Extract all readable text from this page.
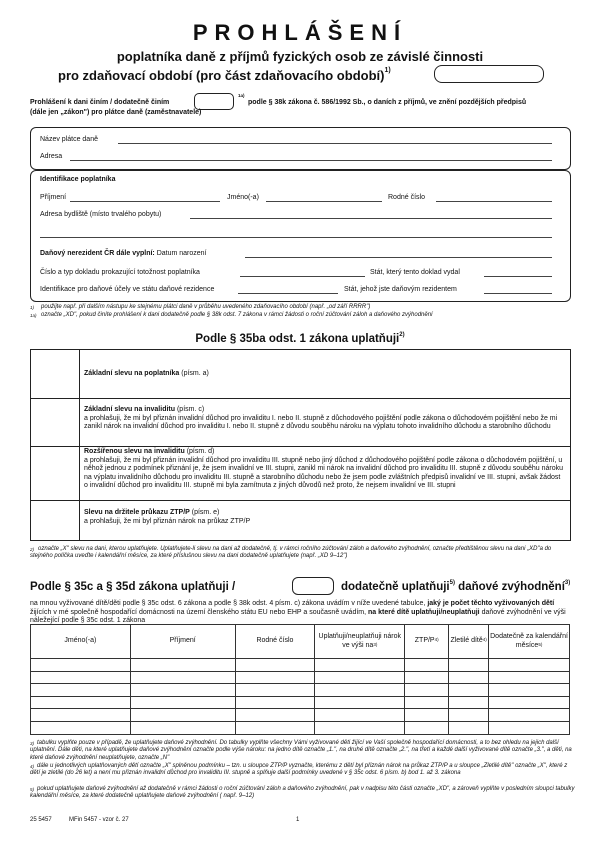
PROHLÁŠENÍ
poplatníka daně z příjmů fyzických osob ze závislé činnosti
pro zdaňovací období (pro část zdaňovacího období)$^{1)}$
Prohlášení k dani činím / dodatečně činím
1a)
podle § 38k zákona č. 586/1992 Sb., o daních z příjmů, ve znění pozdějších předpisů
(dále jen „zákon") pro plátce daně (zaměstnavatele)
Název plátce daně
Adresa
Identifikace poplatníka
Příjmení	Jméno(-a)	Rodné číslo
Adresa bydliště (místo trvalého pobytu)
Daňový nerezident ČR dále vyplní: Datum narození
Číslo a typ dokladu prokazující totožnost poplatníka	Stát, který tento doklad vydal
Identifikace pro daňové účely ve státu daňové rezidence	Stát, jehož jste daňovým rezidentem
1) použijte např. při dalším nástupu ke stejnému plátci daně v průběhu uvedeného zdaňovacího období (např. „od září RRRR")
1a) označte „XD", pokud činíte prohlášení k dani dodatečně podle § 38k odst. 7 zákona v rámci žádosti o roční zúčtování záloh a daňového zvýhodnění
Podle § 35ba odst. 1 zákona uplatňuji$^{2)}$
Základní slevu na poplatníka (písm. a)
Základní slevu na invaliditu (písm. c)
a prohlašuji, že mi byl přiznán invalidní důchod pro invaliditu I. nebo II. stupně z důchodového pojištění podle zákona o důchodovém pojištění nebo že mi zanikl nárok na invalidní důchod pro invaliditu I. nebo II. stupně z důvodu souběhu nároku na výplatu tohoto invalidního důchodu a starobního důchodu
Rozšířenou slevu na invaliditu (písm. d)
a prohlašuji, že mi byl přiznán invalidní důchod pro invaliditu III. stupně nebo jiný důchod z důchodového pojištění podle zákona o důchodovém pojištění, u něhož jednou z podmínek přiznání je, že jsem invalidní ve III. stupni, zanikl mi nárok na invalidní důchod pro invaliditu III. stupně z důvodu souběhu nároku na výplatu invalidního důchodu pro invaliditu III. stupně a starobního důchodu nebo že jsem podle zvláštních předpisů invalidní ve III. stupni, avšak žádost o invalidní důchod pro invaliditu III. stupně mi byla zamítnuta z jiných důvodů než proto, že nejsem invalidní ve III. stupni
Slevu na držitele průkazu ZTP/P (písm. e)
a prohlašuji, že mi byl přiznán nárok na průkaz ZTP/P
2) označte „X" slevu na dani, kterou uplatňujete. Uplatňujete-li slevu na dani až dodatečně, tj. v rámci ročního zúčtování záloh a daňového zvýhodnění, označte předtištěnou slevu na dani „XD"a do stejného políčka uveďte i kalendářní měsíce, za které příslušnou slevu na dani dodatečně uplatňujete (např. „XD 9–12")
Podle § 35c a § 35d zákona uplatňuji /	dodatečně uplatňuji$^{5)}$ daňové zvýhodnění$^{3)}$
na mnou vyživované dítě/děti podle § 35c odst. 6 zákona a podle § 38k odst. 4 písm. c) zákona uvádím v níže uvedené tabulce, jaký je počet těchto vyživovaných dětí žijících v mé společně hospodařící domácnosti na území členského státu EU nebo EHP a současně uvádím, na které dítě uplatňuji/neuplatňuji daňové zvýhodnění ve výši náležející podle § 35c odst. 1 zákona
Jméno(-a)	Příjmení	Rodné číslo	Uplatňuji/neuplatňuji nárok ve výši $na^{3)}$	ZTP/$P^{4)}$	Zletilé dítě$^{4)}$	Dodatečně za kalendářní měsíce$^{5)}$

3) tabulku vyplňte pouze v případě, že uplatňujete daňové zvýhodnění. Do tabulky vyplňte všechny Vámi vyživované děti žijící ve Vaší společně hospodařící domácnosti, a to bez ohledu na jejich další uplatnění. Dále děti, na které uplatňujete daňové zvýhodnění označte podle výše nároku: na jedno dítě označte „1.", na druhé dítě označte „2.", na třetí a každé další vyživované dítě označte „3.", a děti, na které daňové zvýhodnění neuplatňujete, označte „N"
4) dále u jednotlivých uplatňovaných dětí označte „X" splněnou podmínku – tzn. u sloupce ZTP/P vyznačte, kterému z dětí byl přiznán nárok na průkaz ZTP/P a u sloupce „Zletilé dítě" označte „X", které z dětí je zletilé (do 26 let) a není mu přiznán invalidní důchod pro invaliditu III. stupně a splňuje další podmínky uvedené v § 35c odst. 6 písm. b) bod 1. až 3. zákona
5) pokud uplatňujete daňové zvýhodnění až dodatečně v rámci žádosti o roční zúčtování záloh a daňového zvýhodnění, pak v nadpisu této části označte „XD", a zároveň vyplňte v posledním sloupci tabulky kalendářní měsíce, za které dodatečně uplatňujete daňové zvýhodnění ( např. 9–12)
25 5457	MFin 5457 - vzor č. 27	1
